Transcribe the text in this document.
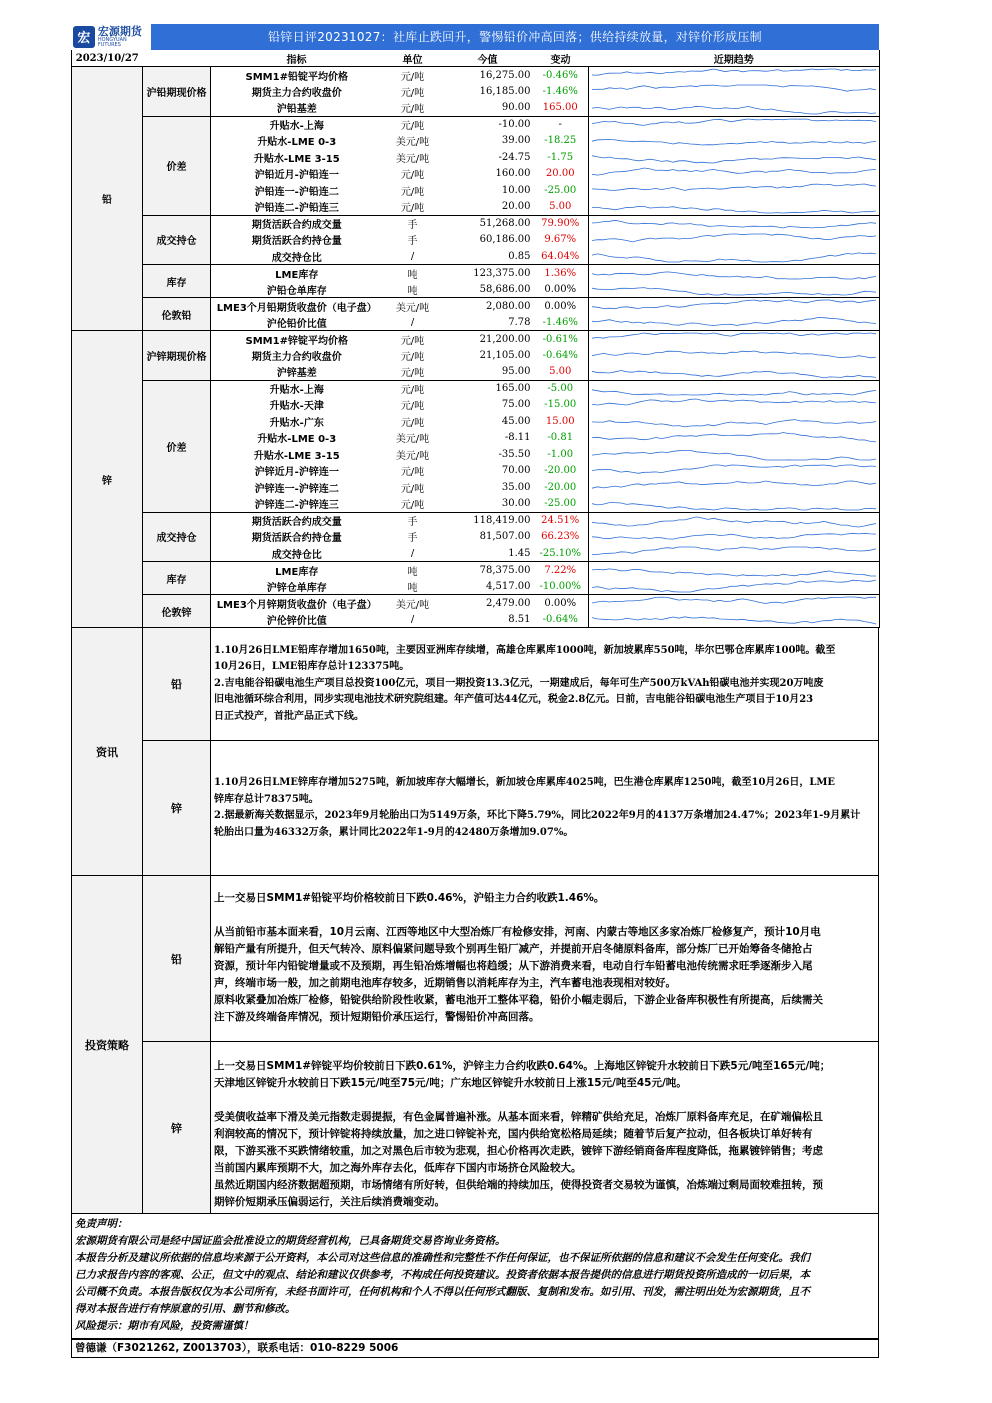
宏 宏源期货
HONGYUAN FUTURES
铅锌日评20231027：社库止跌回升，警惕铅价冲高回落；供给持续放量，对锌价形成压制
2023/10/27		指标	单位	今值	变动	近期趋势
铅	沪铅期现价格	SMM1#铅锭平均价格	元/吨	16,275.00	-0.46%	

		期货主力合约收盘价	元/吨	16,185.00	-1.46%	

		沪铅基差	元/吨	90.00	165.00	

	价差	升贴水-上海	元/吨	-10.00	-	

		升贴水-LME 0-3	美元/吨	39.00	-18.25	

		升贴水-LME 3-15	美元/吨	-24.75	-1.75	

		沪铅近月-沪铅连一	元/吨	160.00	20.00	

		沪铅连一-沪铅连二	元/吨	10.00	-25.00	

		沪铅连二-沪铅连三	元/吨	20.00	5.00	

	成交持仓	期货活跃合约成交量	手	51,268.00	79.90%	

		期货活跃合约持仓量	手	60,186.00	9.67%	

		成交持仓比	/	0.85	64.04%	

	库存	LME库存	吨	123,375.00	1.36%	

		沪铅仓单库存	吨	58,686.00	0.00%	

	伦敦铅	LME3个月铅期货收盘价（电子盘）	美元/吨	2,080.00	0.00%	

		沪伦铅价比值	/	7.78	-1.46%	

锌	沪锌期现价格	SMM1#锌锭平均价格	元/吨	21,200.00	-0.61%	

		期货主力合约收盘价	元/吨	21,105.00	-0.64%	

		沪锌基差	元/吨	95.00	5.00	

	价差	升贴水-上海	元/吨	165.00	-5.00	

		升贴水-天津	元/吨	75.00	-15.00	

		升贴水-广东	元/吨	45.00	15.00	

		升贴水-LME 0-3	美元/吨	-8.11	-0.81	

		升贴水-LME 3-15	美元/吨	-35.50	-1.00	

		沪锌近月-沪锌连一	元/吨	70.00	-20.00	

		沪锌连一-沪锌连二	元/吨	35.00	-20.00	

		沪锌连二-沪锌连三	元/吨	30.00	-25.00	

	成交持仓	期货活跃合约成交量	手	118,419.00	24.51%	

		期货活跃合约持仓量	手	81,507.00	66.23%	

		成交持仓比	/	1.45	-25.10%	

	库存	LME库存	吨	78,375.00	7.22%	

		沪锌仓单库存	吨	4,517.00	-10.00%	

	伦敦锌	LME3个月锌期货收盘价（电子盘）	美元/吨	2,479.00	0.00%	

		沪伦锌价比值	/	8.51	-0.64%	
资讯
铅
1.10月26日LME铅库存增加1650吨，主要因亚洲库存续增，高雄仓库累库1000吨，新加坡累库550吨，毕尔巴鄂仓库累库100吨。截至
10月26日，LME铅库存总计123375吨。
2.吉电能谷铅碳电池生产项目总投资100亿元，项目一期投资13.3亿元，一期建成后，每年可生产500万kVAh铅碳电池并实现20万吨废
旧电池循环综合利用，同步实现电池技术研究院组建。年产值可达44亿元，税金2.8亿元。日前，吉电能谷铅碳电池生产项目于10月23
日正式投产，首批产品正式下线。
锌
1.10月26日LME锌库存增加5275吨，新加坡库存大幅增长，新加坡仓库累库4025吨，巴生港仓库累库1250吨，截至10月26日，LME
锌库存总计78375吨。
2.据最新海关数据显示，2023年9月轮胎出口为5149万条，环比下降5.79%，同比2022年9月的4137万条增加24.47%；2023年1-9月累计
轮胎出口量为46332万条，累计同比2022年1-9月的42480万条增加9.07%。
投资策略
铅
上一交易日SMM1#铅锭平均价格较前日下跌0.46%，沪铅主力合约收跌1.46%。
从当前铅市基本面来看，10月云南、江西等地区中大型冶炼厂有检修安排，河南、内蒙古等地区多家冶炼厂检修复产，预计10月电
解铅产量有所提升，但天气转冷、原料偏紧问题导致个别再生铅厂减产，并提前开启冬储原料备库，部分炼厂已开始筹备冬储抢占
资源，预计年内铅锭增量或不及预期，再生铅冶炼增幅也将趋缓；从下游消费来看，电动自行车铅蓄电池传统需求旺季逐渐步入尾
声，终端市场一般，加之前期电池库存较多，近期销售以消耗库存为主，汽车蓄电池表现相对较好。
原料收紧叠加冶炼厂检修，铅锭供给阶段性收紧，蓄电池开工整体平稳，铅价小幅走弱后，下游企业备库积极性有所提高，后续需关
注下游及终端备库情况，预计短期铅价承压运行，警惕铅价冲高回落。
锌
上一交易日SMM1#锌锭平均价较前日下跌0.61%，沪锌主力合约收跌0.64%。上海地区锌锭升水较前日下跌5元/吨至165元/吨；
天津地区锌锭升水较前日下跌15元/吨至75元/吨；广东地区锌锭升水较前日上涨15元/吨至45元/吨。
受美债收益率下滑及美元指数走弱提振，有色金属普遍补涨。从基本面来看，锌精矿供给充足，冶炼厂原料备库充足，在矿端偏松且
利润较高的情况下，预计锌锭将持续放量，加之进口锌锭补充，国内供给宽松格局延续；随着节后复产拉动，但各板块订单好转有
限，下游买涨不买跌情绪较重，加之对黑色后市较为悲观，担心价格再次走跌，镀锌下游经销商备库程度降低，拖累镀锌销售；考虑
当前国内累库预期不大，加之海外库存去化，低库存下国内市场挤仓风险较大。
虽然近期国内经济数据超预期，市场情绪有所好转，但供给端的持续加压，使得投资者交易较为谨慎，冶炼端过剩局面较难扭转，预
期锌价短期承压偏弱运行，关注后续消费端变动。
免责声明：
宏源期货有限公司是经中国证监会批准设立的期货经营机构，已具备期货交易咨询业务资格。
本报告分析及建议所依据的信息均来源于公开资料，本公司对这些信息的准确性和完整性不作任何保证，也不保证所依据的信息和建议不会发生任何变化。我们
已力求报告内容的客观、公正，但文中的观点、结论和建议仅供参考，不构成任何投资建议。投资者依据本报告提供的信息进行期货投资所造成的一切后果，本
公司概不负责。本报告版权仅为本公司所有，未经书面许可，任何机构和个人不得以任何形式翻版、复制和发布。如引用、刊发，需注明出处为宏源期货，且不
得对本报告进行有悖原意的引用、删节和修改。
风险提示：期市有风险，投资需谨慎！
曾德谦（F3021262, Z0013703），联系电话：010-8229 5006
